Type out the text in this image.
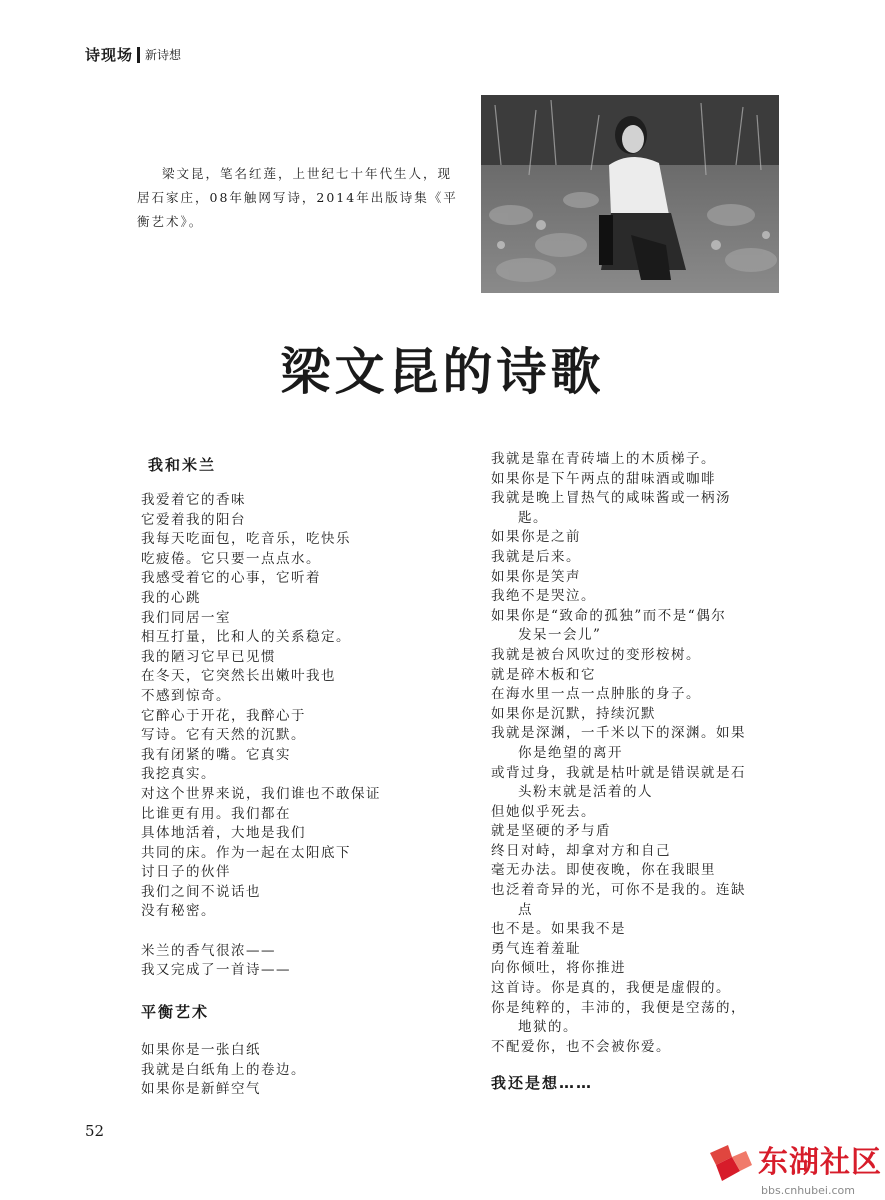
诗现场 新诗想

梁文昆，笔名红莲，上世纪七十年代生人，现居石家庄，08年触网写诗，2014年出版诗集《平衡艺术》。

梁文昆的诗歌
我和米兰
我爱着它的香味
它爱着我的阳台
我每天吃面包，吃音乐，吃快乐
吃疲倦。它只要一点点水。
我感受着它的心事，它听着
我的心跳
我们同居一室
相互打量，比和人的关系稳定。
我的陋习它早已见惯
在冬天，它突然长出嫩叶我也
不感到惊奇。
它醉心于开花，我醉心于
写诗。它有天然的沉默。
我有闭紧的嘴。它真实
我挖真实。
对这个世界来说，我们谁也不敢保证
比谁更有用。我们都在
具体地活着，大地是我们
共同的床。作为一起在太阳底下
讨日子的伙伴
我们之间不说话也
没有秘密。
米兰的香气很浓——
我又完成了一首诗——
平衡艺术
如果你是一张白纸
我就是白纸角上的卷边。
如果你是新鲜空气
我就是靠在青砖墙上的木质梯子。
如果你是下午两点的甜味酒或咖啡
我就是晚上冒热气的咸味酱或一柄汤
匙。
如果你是之前
我就是后来。
如果你是笑声
我绝不是哭泣。
如果你是“致命的孤独”而不是“偶尔
发呆一会儿”
我就是被台风吹过的变形桉树。
就是碎木板和它
在海水里一点一点肿胀的身子。
如果你是沉默，持续沉默
我就是深渊，一千米以下的深渊。如果
你是绝望的离开
或背过身，我就是枯叶就是错误就是石
头粉末就是活着的人
但她似乎死去。
就是坚硬的矛与盾
终日对峙，却拿对方和自己
毫无办法。即使夜晚，你在我眼里
也泛着奇异的光，可你不是我的。连缺
点
也不是。如果我不是
勇气连着羞耻
向你倾吐，将你推进
这首诗。你是真的，我便是虚假的。
你是纯粹的，丰沛的，我便是空荡的，
地狱的。
不配爱你，也不会被你爱。
我还是想……
52
东湖社区
bbs.cnhubei.com
